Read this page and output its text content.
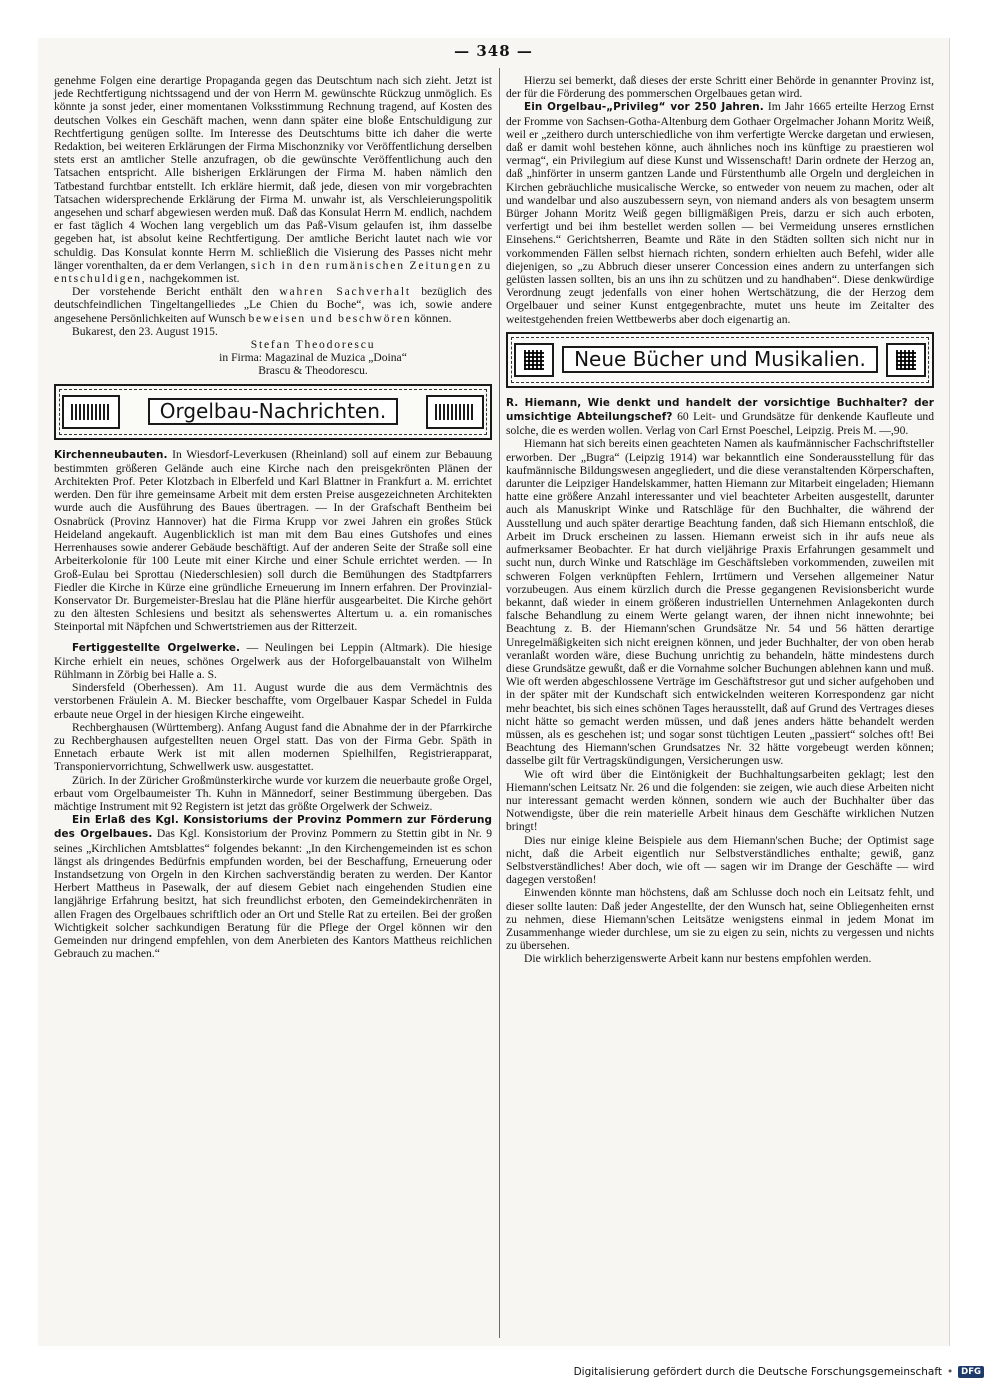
— 348 —

genehme Folgen eine derartige Propaganda gegen das Deutschtum nach sich zieht. Jetzt ist jede Rechtfertigung nichtssagend und der von Herrn M. gewünschte Rückzug unmöglich. Es könnte ja sonst jeder, einer momentanen Volksstimmung Rechnung tragend, auf Kosten des deutschen Volkes ein Geschäft machen, wenn dann später eine bloße Entschuldigung zur Rechtfertigung genügen sollte. Im Interesse des Deutschtums bitte ich daher die werte Redaktion, bei weiteren Erklärungen der Firma Mischonzniky vor Veröffentlichung derselben stets erst an amtlicher Stelle anzufragen, ob die gewünschte Veröffentlichung auch den Tatsachen entspricht. Alle bisherigen Erklärungen der Firma M. haben nämlich den Tatbestand furchtbar entstellt. Ich erkläre hiermit, daß jede, diesen von mir vorgebrachten Tatsachen widersprechende Erklärung der Firma M. unwahr ist, als Verschleierungspolitik angesehen und scharf abgewiesen werden muß. Daß das Konsulat Herrn M. endlich, nachdem er fast täglich 4 Wochen lang vergeblich um das Paß-Visum gelaufen ist, ihm dasselbe gegeben hat, ist absolut keine Rechtfertigung. Der amtliche Bericht lautet nach wie vor schuldig. Das Konsulat konnte Herrn M. schließlich die Visierung des Passes nicht mehr länger vorenthalten, da er dem Verlangen, sich in den rumänischen Zeitungen zu entschuldigen, nachgekommen ist.

Der vorstehende Bericht enthält den wahren Sachverhalt bezüglich des deutschfeindlichen Tingeltangelliedes „Le Chien du Boche“, was ich, sowie andere angesehene Persönlichkeiten auf Wunsch beweisen und beschwören können.

Bukarest, den 23. August 1915.

Stefan Theodorescu
in Firma: Magazinal de Muzica „Doina“
Brascu & Theodorescu.
Orgelbau-Nachrichten.

Kirchenneubauten. In Wiesdorf-Leverkusen (Rheinland) soll auf einem zur Bebauung bestimmten größeren Gelände auch eine Kirche nach den preisgekrönten Plänen der Architekten Prof. Peter Klotzbach in Elberfeld und Karl Blattner in Frankfurt a. M. errichtet werden. Den für ihre gemeinsame Arbeit mit dem ersten Preise ausgezeichneten Architekten wurde auch die Ausführung des Baues übertragen. — In der Grafschaft Bentheim bei Osnabrück (Provinz Hannover) hat die Firma Krupp vor zwei Jahren ein großes Stück Heideland angekauft. Augenblicklich ist man mit dem Bau eines Gutshofes und eines Herrenhauses sowie anderer Gebäude beschäftigt. Auf der anderen Seite der Straße soll eine Arbeiterkolonie für 100 Leute mit einer Kirche und einer Schule errichtet werden. — In Groß-Eulau bei Sprottau (Niederschlesien) soll durch die Bemühungen des Stadtpfarrers Fiedler die Kirche in Kürze eine gründliche Erneuerung im Innern erfahren. Der Provinzial-Konservator Dr. Burgemeister-Breslau hat die Pläne hierfür ausgearbeitet. Die Kirche gehört zu den ältesten Schlesiens und besitzt als sehenswertes Altertum u. a. ein romanisches Steinportal mit Näpfchen und Schwertstriemen aus der Ritterzeit.

Fertiggestellte Orgelwerke. — Neulingen bei Leppin (Altmark). Die hiesige Kirche erhielt ein neues, schönes Orgelwerk aus der Hoforgelbauanstalt von Wilhelm Rühlmann in Zörbig bei Halle a. S.

Sindersfeld (Oberhessen). Am 11. August wurde die aus dem Vermächtnis des verstorbenen Fräulein A. M. Biecker beschaffte, vom Orgelbauer Kaspar Schedel in Fulda erbaute neue Orgel in der hiesigen Kirche eingeweiht.

Rechberghausen (Württemberg). Anfang August fand die Abnahme der in der Pfarrkirche zu Rechberghausen aufgestellten neuen Orgel statt. Das von der Firma Gebr. Späth in Ennetach erbaute Werk ist mit allen modernen Spielhilfen, Registrierapparat, Transponiervorrichtung, Schwellwerk usw. ausgestattet.

Zürich. In der Züricher Großmünsterkirche wurde vor kurzem die neuerbaute große Orgel, erbaut vom Orgelbaumeister Th. Kuhn in Männedorf, seiner Bestimmung übergeben. Das mächtige Instrument mit 92 Registern ist jetzt das größte Orgelwerk der Schweiz.

Ein Erlaß des Kgl. Konsistoriums der Provinz Pommern zur Förderung des Orgelbaues. Das Kgl. Konsistorium der Provinz Pommern zu Stettin gibt in Nr. 9 seines „Kirchlichen Amtsblattes“ folgendes bekannt: „In den Kirchengemeinden ist es schon längst als dringendes Bedürfnis empfunden worden, bei der Beschaffung, Erneuerung oder Instandsetzung von Orgeln in den Kirchen sachverständig beraten zu werden. Der Kantor Herbert Mattheus in Pasewalk, der auf diesem Gebiet nach eingehenden Studien eine langjährige Erfahrung besitzt, hat sich freundlichst erboten, den Gemeindekirchenräten in allen Fragen des Orgelbaues schriftlich oder an Ort und Stelle Rat zu erteilen. Bei der großen Wichtigkeit solcher sachkundigen Beratung für die Pflege der Orgel können wir den Gemeinden nur dringend empfehlen, von dem Anerbieten des Kantors Mattheus reichlichen Gebrauch zu machen.“

Hierzu sei bemerkt, daß dieses der erste Schritt einer Behörde in genannter Provinz ist, der für die Förderung des pommerschen Orgelbaues getan wird.

Ein Orgelbau-„Privileg“ vor 250 Jahren. Im Jahr 1665 erteilte Herzog Ernst der Fromme von Sachsen-Gotha-Altenburg dem Gothaer Orgelmacher Johann Moritz Weiß, weil er „zeithero durch unterschiedliche von ihm verfertigte Wercke dargetan und erwiesen, daß er damit wohl bestehen könne, auch ähnliches noch ins künftige zu praestieren wol vermag“, ein Privilegium auf diese Kunst und Wissenschaft! Darin ordnete der Herzog an, daß „hinförter in unserm gantzen Lande und Fürstenthumb alle Orgeln und dergleichen in Kirchen gebräuchliche musicalische Wercke, so entweder von neuem zu machen, oder alt und wandelbar und also auszubessern seyn, von niemand anders als von besagtem unserm Bürger Johann Moritz Weiß gegen billigmäßigen Preis, darzu er sich auch erboten, verfertigt und bei ihm bestellet werden sollen — bei Vermeidung unseres ernstlichen Einsehens.“ Gerichtsherren, Beamte und Räte in den Städten sollten sich nicht nur in vorkommenden Fällen selbst hiernach richten, sondern erhielten auch Befehl, wider alle diejenigen, so „zu Abbruch dieser unserer Concession eines andern zu unterfangen sich gelüsten lassen sollten, bis an uns ihn zu schützen und zu handhaben“. Diese denkwürdige Verordnung zeugt jedenfalls von einer hohen Wertschätzung, die der Herzog dem Orgelbauer und seiner Kunst entgegenbrachte, mutet uns heute im Zeitalter des weitestgehenden freien Wettbewerbs aber doch eigenartig an.

Neue Bücher und Musikalien.

R. Hiemann, Wie denkt und handelt der vorsichtige Buchhalter? der umsichtige Abteilungschef? 60 Leit- und Grundsätze für denkende Kaufleute und solche, die es werden wollen. Verlag von Carl Ernst Poeschel, Leipzig. Preis M. —,90.

Hiemann hat sich bereits einen geachteten Namen als kaufmännischer Fachschriftsteller erworben. Der „Bugra“ (Leipzig 1914) war bekanntlich eine Sonderausstellung für das kaufmännische Bildungswesen angegliedert, und die diese veranstaltenden Körperschaften, darunter die Leipziger Handelskammer, hatten Hiemann zur Mitarbeit eingeladen; Hiemann hatte eine größere Anzahl interessanter und viel beachteter Arbeiten ausgestellt, darunter auch als Manuskript Winke und Ratschläge für den Buchhalter, die während der Ausstellung und auch später derartige Beachtung fanden, daß sich Hiemann entschloß, die Arbeit im Druck erscheinen zu lassen. Hiemann erweist sich in ihr aufs neue als aufmerksamer Beobachter. Er hat durch vieljährige Praxis Erfahrungen gesammelt und sucht nun, durch Winke und Ratschläge im Geschäftsleben vorkommenden, zuweilen mit schweren Folgen verknüpften Fehlern, Irrtümern und Versehen allgemeiner Natur vorzubeugen. Aus einem kürzlich durch die Presse gegangenen Revisionsbericht wurde bekannt, daß wieder in einem größeren industriellen Unternehmen Anlagekonten durch falsche Behandlung zu einem Werte gelangt waren, der ihnen nicht innewohnte; bei Beachtung z. B. der Hiemann'schen Grundsätze Nr. 54 und 56 hätten derartige Unregelmäßigkeiten sich nicht ereignen können, und jeder Buchhalter, der von oben herab veranlaßt worden wäre, diese Buchung unrichtig zu behandeln, hätte mindestens durch diese Grundsätze gewußt, daß er die Vornahme solcher Buchungen ablehnen kann und muß. Wie oft werden abgeschlossene Verträge im Geschäftstresor gut und sicher aufgehoben und in der später mit der Kundschaft sich entwickelnden weiteren Korrespondenz gar nicht mehr beachtet, bis sich eines schönen Tages herausstellt, daß auf Grund des Vertrages dieses nicht hätte so gemacht werden müssen, und daß jenes anders hätte behandelt werden müssen, als es geschehen ist; und sogar sonst tüchtigen Leuten „passiert“ solches oft! Bei Beachtung des Hiemann'schen Grundsatzes Nr. 32 hätte vorgebeugt werden können; dasselbe gilt für Vertragskündigungen, Versicherungen usw.

Wie oft wird über die Eintönigkeit der Buchhaltungsarbeiten geklagt; lest den Hiemann'schen Leitsatz Nr. 26 und die folgenden: sie zeigen, wie auch diese Arbeiten nicht nur interessant gemacht werden können, sondern wie auch der Buchhalter über das Notwendigste, über die rein materielle Arbeit hinaus dem Geschäfte wirklichen Nutzen bringt!

Dies nur einige kleine Beispiele aus dem Hiemann'schen Buche; der Optimist sage nicht, daß die Arbeit eigentlich nur Selbstverständliches enthalte; gewiß, ganz Selbstverständliches! Aber doch, wie oft — sagen wir im Drange der Geschäfte — wird dagegen verstoßen!

Einwenden könnte man höchstens, daß am Schlusse doch noch ein Leitsatz fehlt, und dieser sollte lauten: Daß jeder Angestellte, der den Wunsch hat, seine Obliegenheiten ernst zu nehmen, diese Hiemann'schen Leitsätze wenigstens einmal in jedem Monat im Zusammenhange wieder durchlese, um sie zu eigen zu sein, nichts zu vergessen und nichts zu übersehen.

Die wirklich beherzigenswerte Arbeit kann nur bestens empfohlen werden.

Digitalisierung gefördert durch die Deutsche Forschungsgemeinschaft • DFG
